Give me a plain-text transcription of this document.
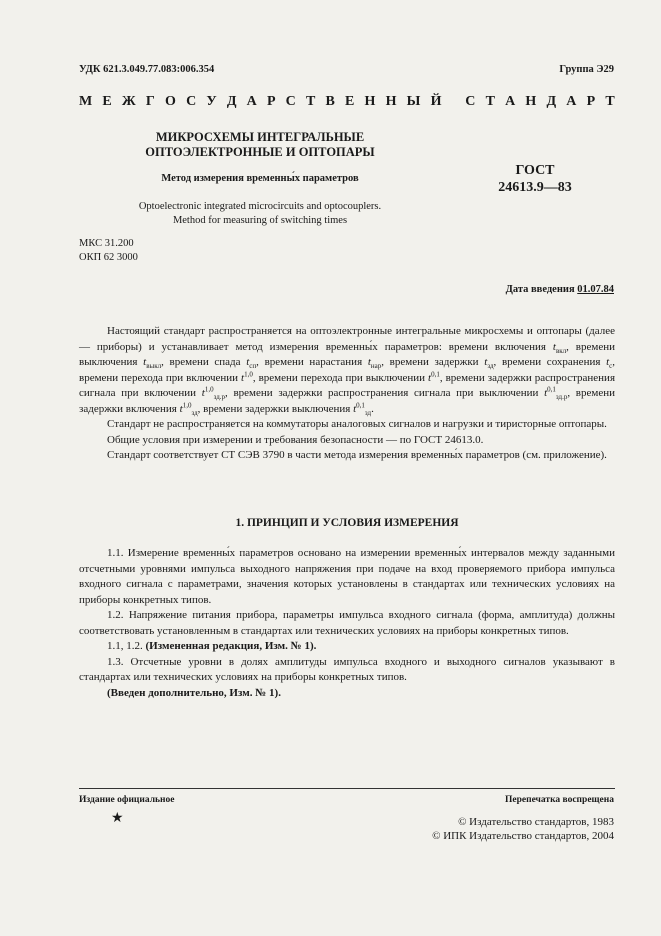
УДК 621.3.049.77.083:006.354	Группа Э29
М Е Ж Г О С У Д А Р С Т В Е Н Н Ы Й
С Т А Н Д А Р Т
МИКРОСХЕМЫ ИНТЕГРАЛЬНЫЕ
ОПТОЭЛЕКТРОННЫЕ И ОПТОПАРЫ
Метод измерения временны́х параметров
ГОСТ
24613.9—83
Optoelectronic integrated microcircuits and optocouplers.
Method for measuring of switching times
МКС 31.200
ОКП 62 3000
Дата введения 01.07.84

Настоящий стандарт распространяется на оптоэлектронные интегральные микросхемы и оптопары (далее — приборы) и устанавливает метод измерения временны́х параметров: времени включения $t_{вкл}$, времени выключения $t_{выкл}$, времени спада $t_{сп}$, времени нарастания $t_{нар}$, времени задержки $t_{зд}$, времени сохранения $t_с$, времени перехода при включении $t^{1,0}$, времени перехода при выключении $t^{0,1}$, времени задержки распространения сигнала при включении $t^{1,0}_{зд.р}$, времени задержки распространения сигнала при выключении $t^{0,1}_{зд.р}$, времени задержки включения $t^{1,0}_{зд}$, времени задержки выключения $t^{0,1}_{зд}$.

Стандарт не распространяется на коммутаторы аналоговых сигналов и нагрузки и тиристорные оптопары.

Общие условия при измерении и требования безопасности — по ГОСТ 24613.0.

Стандарт соответствует СТ СЭВ 3790 в части метода измерения временны́х параметров (см. приложение).

1. ПРИНЦИП И УСЛОВИЯ ИЗМЕРЕНИЯ

1.1. Измерение временны́х параметров основано на измерении временны́х интервалов между заданными отсчетными уровнями импульса выходного напряжения при подаче на вход проверяемого прибора импульса входного сигнала с параметрами, значения которых установлены в стандартах или технических условиях на приборы конкретных типов.

1.2. Напряжение питания прибора, параметры импульса входного сигнала (форма, амплитуда) должны соответствовать установленным в стандартах или технических условиях на приборы конкретных типов.

1.1, 1.2. (Измененная редакция, Изм. № 1).

1.3. Отсчетные уровни в долях амплитуды импульса входного и выходного сигналов указывают в стандартах или технических условиях на приборы конкретных типов.

(Введен дополнительно, Изм. № 1).

Издание официальное	Перепечатка воспрещена
★	© Издательство стандартов, 1983
© ИПК Издательство стандартов, 2004
